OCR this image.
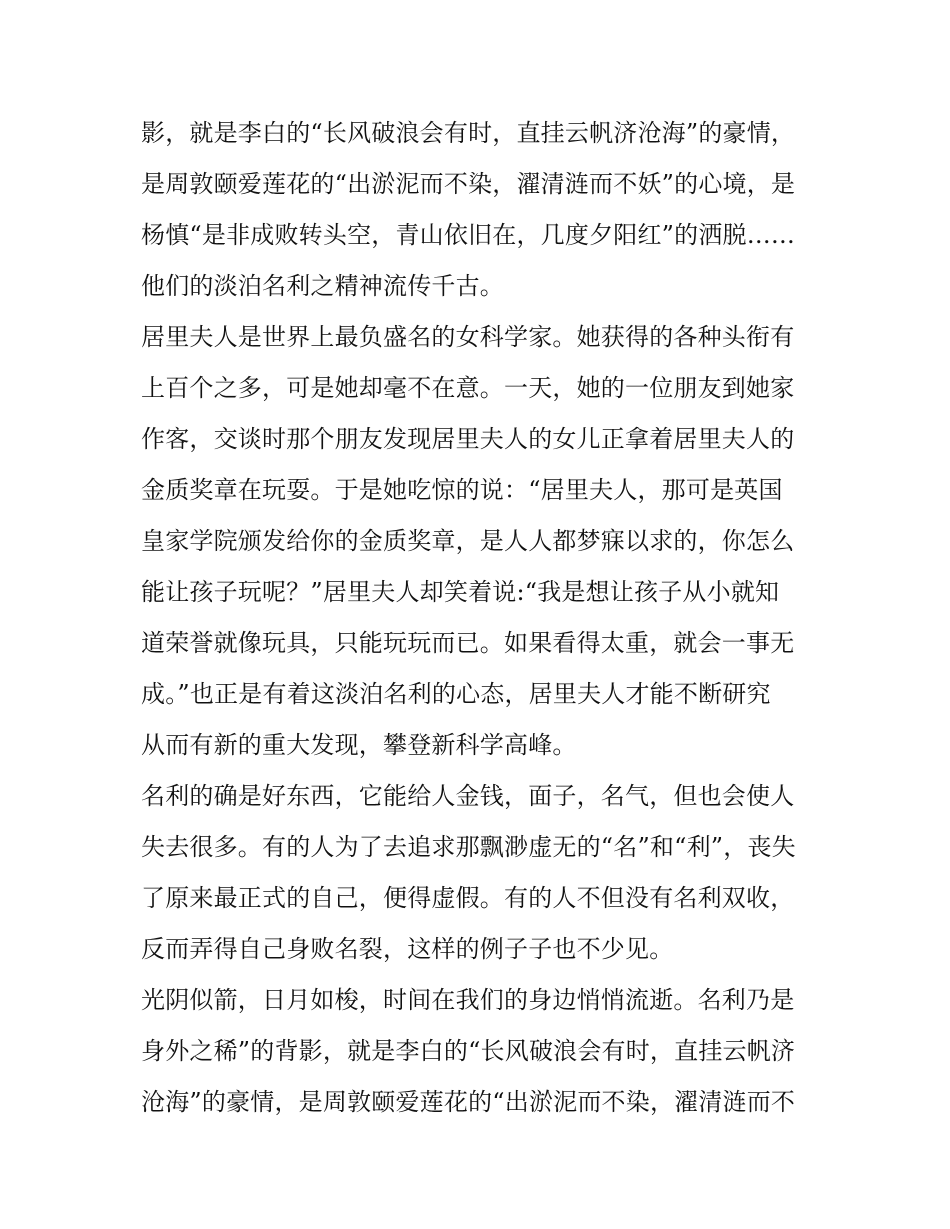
影，就是李白的“长风破浪会有时，直挂云帆济沧海”的豪情，
是周敦颐爱莲花的“出淤泥而不染，濯清涟而不妖”的心境，是
杨慎“是非成败转头空，青山依旧在，几度夕阳红”的洒脱……
他们的淡泊名利之精神流传千古。
居里夫人是世界上最负盛名的女科学家。她获得的各种头衔有
上百个之多，可是她却毫不在意。一天，她的一位朋友到她家
作客，交谈时那个朋友发现居里夫人的女儿正拿着居里夫人的
金质奖章在玩耍。于是她吃惊的说：“居里夫人，那可是英国
皇家学院颁发给你的金质奖章，是人人都梦寐以求的，你怎么
能让孩子玩呢？”居里夫人却笑着说:“我是想让孩子从小就知
道荣誉就像玩具，只能玩玩而已。如果看得太重，就会一事无
成。”也正是有着这淡泊名利的心态，居里夫人才能不断研究
从而有新的重大发现，攀登新科学高峰。
名利的确是好东西，它能给人金钱，面子，名气，但也会使人
失去很多。有的人为了去追求那飘渺虚无的“名”和“利”，丧失
了原来最正式的自己，便得虚假。有的人不但没有名利双收，
反而弄得自己身败名裂，这样的例子子也不少见。
光阴似箭，日月如梭，时间在我们的身边悄悄流逝。名利乃是
身外之稀”的背影，就是李白的“长风破浪会有时，直挂云帆济
沧海”的豪情，是周敦颐爱莲花的“出淤泥而不染，濯清涟而不
